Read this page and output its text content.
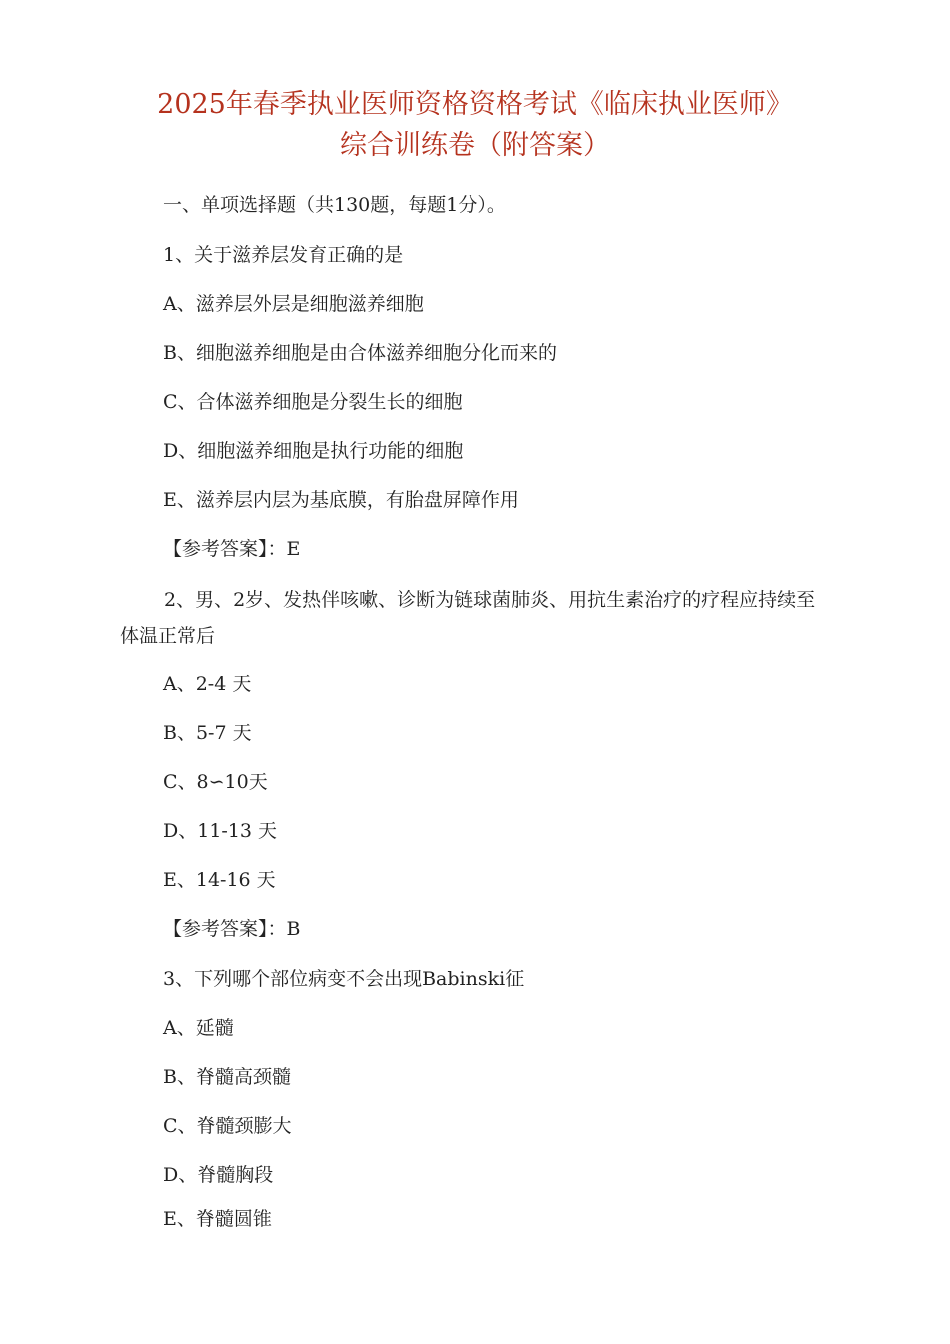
2025年春季执业医师资格资格考试《临床执业医师》
综合训练卷（附答案）
一、单项选择题（共130题，每题1分）。
1、关于滋养层发育正确的是
A、滋养层外层是细胞滋养细胞
B、细胞滋养细胞是由合体滋养细胞分化而来的
C、合体滋养细胞是分裂生长的细胞
D、细胞滋养细胞是执行功能的细胞
E、滋养层内层为基底膜，有胎盘屏障作用
【参考答案】：E
2、男、2岁、发热伴咳嗽、诊断为链球菌肺炎、用抗生素治疗的疗程应持续至体温正常后
A、2-4 天
B、5-7 天
C、8∽10天
D、11-13 天
E、14-16 天
【参考答案】：B
3、下列哪个部位病变不会出现Babinski征
A、延髓
B、脊髓高颈髓
C、脊髓颈膨大
D、脊髓胸段
E、脊髓圆锥
